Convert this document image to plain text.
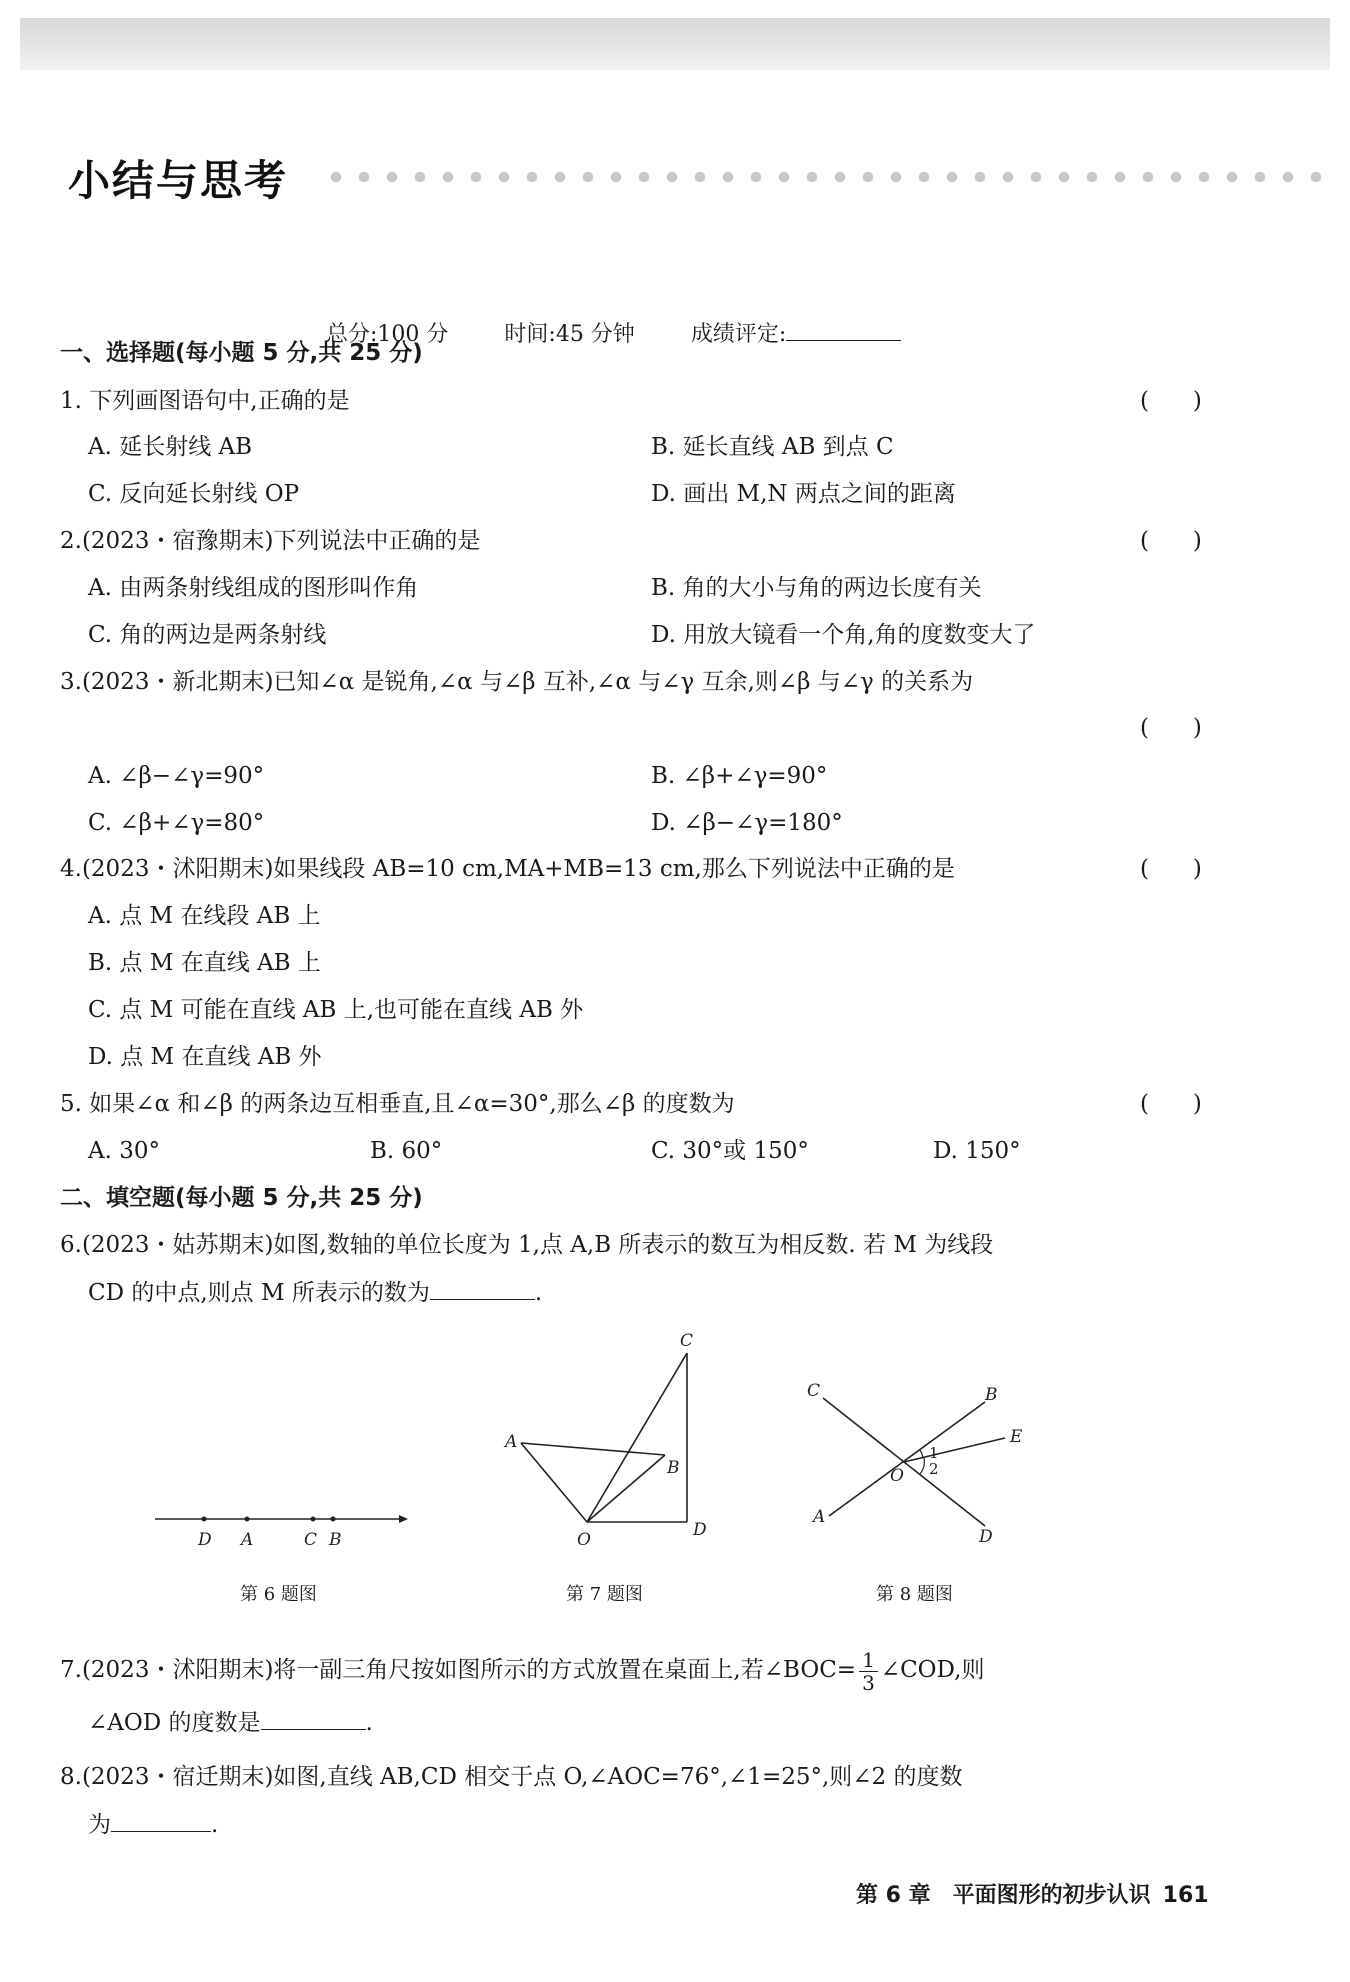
小结与思考

总分:100 分	时间:45 分钟	成绩评定:

一、选择题(每小题 5 分,共 25 分)
1. 下列画图语句中,正确的是	(      )
A. 延长射线 AB	B. 延长直线 AB 到点 C
C. 反向延长射线 OP	D. 画出 M,N 两点之间的距离
2.(2023・宿豫期末)下列说法中正确的是	(      )
A. 由两条射线组成的图形叫作角	B. 角的大小与角的两边长度有关
C. 角的两边是两条射线	D. 用放大镜看一个角,角的度数变大了
3.(2023・新北期末)已知∠α 是锐角,∠α 与∠β 互补,∠α 与∠γ 互余,则∠β 与∠γ 的关系为
(      )
A. ∠β−∠γ=90°	B. ∠β+∠γ=90°
C. ∠β+∠γ=80°	D. ∠β−∠γ=180°
4.(2023・沭阳期末)如果线段 AB=10 cm,MA+MB=13 cm,那么下列说法中正确的是	(      )
A. 点 M 在线段 AB 上
B. 点 M 在直线 AB 上
C. 点 M 可能在直线 AB 上,也可能在直线 AB 外
D. 点 M 在直线 AB 外
5. 如果∠α 和∠β 的两条边互相垂直,且∠α=30°,那么∠β 的度数为	(      )
A. 30°	B. 60°	C. 30°或 150°	D. 150°
二、填空题(每小题 5 分,共 25 分)
6.(2023・姑苏期末)如图,数轴的单位长度为 1,点 A,B 所表示的数互为相反数. 若 M 为线段
CD 的中点,则点 M 所表示的数为	.
D A	C B
第 6 题图
C
A
B
O	D
第 7 题图
C	B
E
O
1
2
A
D
第 8 题图
7.(2023・沭阳期末)将一副三角尺按如图所示的方式放置在桌面上,若∠BOC= $\frac{1}{3}$ ∠COD,则
∠AOD 的度数是	.
8.(2023・宿迁期末)如图,直线 AB,CD 相交于点 O,∠AOC=76°,∠1=25°,则∠2 的度数
为	.
第 6 章　平面图形的初步认识 161
